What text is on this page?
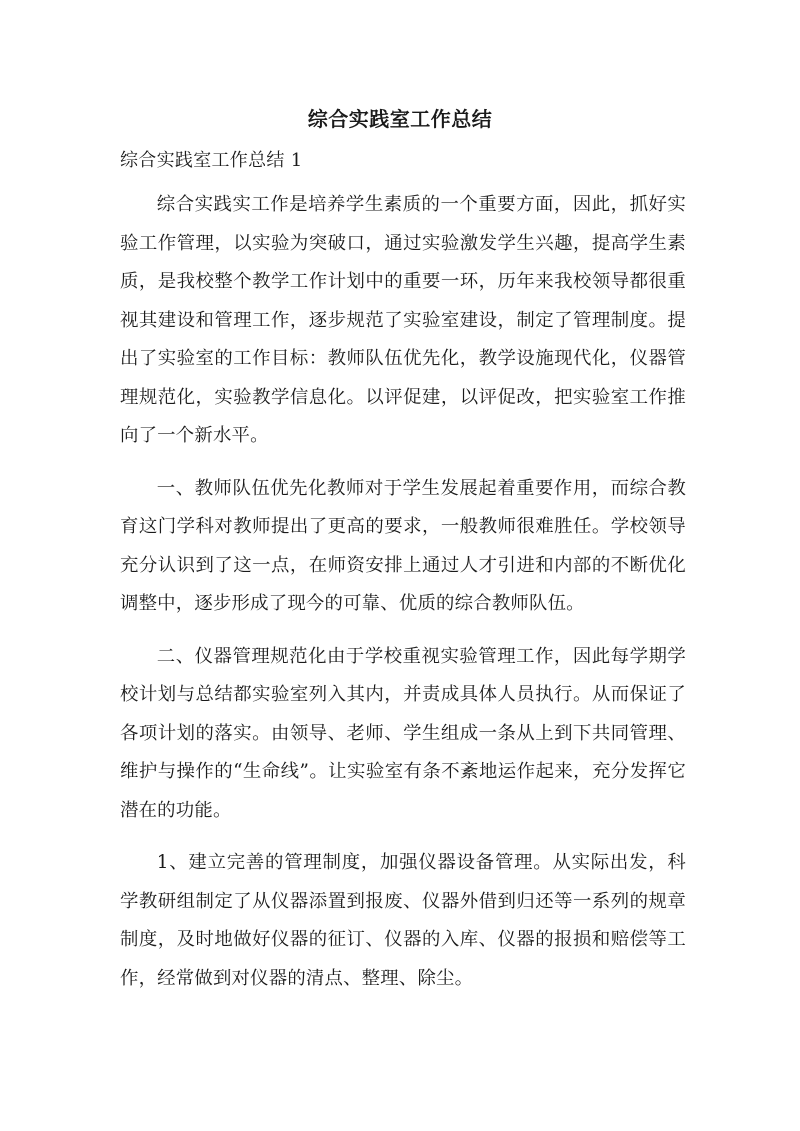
综合实践室工作总结
综合实践室工作总结 1

综合实践实工作是培养学生素质的一个重要方面，因此，抓好实验工作管理，以实验为突破口，通过实验激发学生兴趣，提高学生素质，是我校整个教学工作计划中的重要一环，历年来我校领导都很重视其建设和管理工作，逐步规范了实验室建设，制定了管理制度。提出了实验室的工作目标：教师队伍优先化，教学设施现代化，仪器管理规范化，实验教学信息化。以评促建，以评促改，把实验室工作推向了一个新水平。

一、教师队伍优先化教师对于学生发展起着重要作用，而综合教育这门学科对教师提出了更高的要求，一般教师很难胜任。学校领导充分认识到了这一点，在师资安排上通过人才引进和内部的不断优化调整中，逐步形成了现今的可靠、优质的综合教师队伍。

二、仪器管理规范化由于学校重视实验管理工作，因此每学期学校计划与总结都实验室列入其内，并责成具体人员执行。从而保证了各项计划的落实。由领导、老师、学生组成一条从上到下共同管理、维护与操作的“生命线”。让实验室有条不紊地运作起来，充分发挥它潜在的功能。

1、建立完善的管理制度，加强仪器设备管理。从实际出发，科学教研组制定了从仪器添置到报废、仪器外借到归还等一系列的规章制度，及时地做好仪器的征订、仪器的入库、仪器的报损和赔偿等工作，经常做到对仪器的清点、整理、除尘。
